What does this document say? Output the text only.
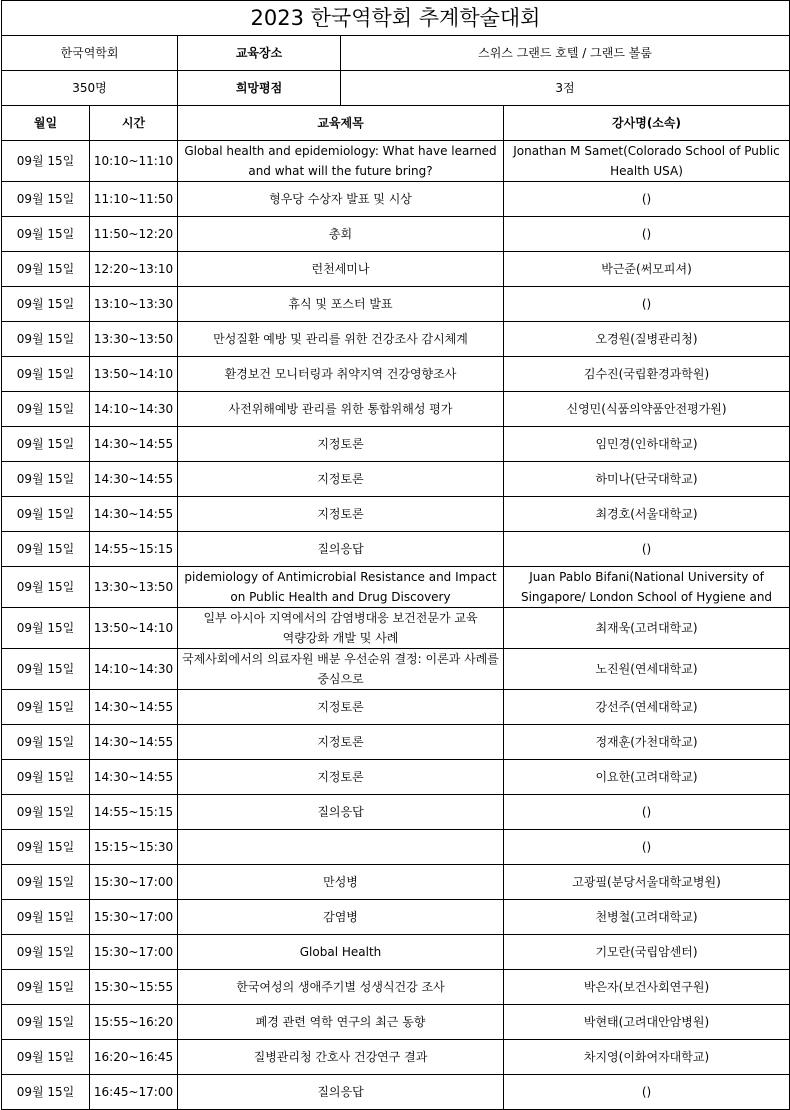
2023 한국역학회 추계학술대회				
한국역학회		교육장소	스위스 그랜드 호텔 / 그랜드 볼룸	
350명		희망평점	3점	
월일	시간	교육제목		강사명(소속)
09월 15일	10:10~11:10	Global health and epidemiology: What have learned and what will the future bring?		Jonathan M Samet(Colorado School of Public Health USA)
09월 15일	11:10~11:50	형우당 수상자 발표 및 시상		()
09월 15일	11:50~12:20	총회		()
09월 15일	12:20~13:10	런천세미나		박근준(써모피셔)
09월 15일	13:10~13:30	휴식 및 포스터 발표		()
09월 15일	13:30~13:50	만성질환 예방 및 관리를 위한 건강조사 감시체계		오경원(질병관리청)
09월 15일	13:50~14:10	환경보건 모니터링과 취약지역 건강영향조사		김수진(국립환경과학원)
09월 15일	14:10~14:30	사전위해예방 관리를 위한 통합위해성 평가		신영민(식품의약품안전평가원)
09월 15일	14:30~14:55	지정토론		임민경(인하대학교)
09월 15일	14:30~14:55	지정토론		하미나(단국대학교)
09월 15일	14:30~14:55	지정토론		최경호(서울대학교)
09월 15일	14:55~15:15	질의응답		()
09월 15일	13:30~13:50	pidemiology of Antimicrobial Resistance and Impact on Public Health and Drug Discovery		Juan Pablo Bifani(National University of Singapore/ London School of Hygiene and
09월 15일	13:50~14:10	일부 아시아 지역에서의 감염병대응 보건전문가 교육 역량강화 개발 및 사례		최재욱(고려대학교)
09월 15일	14:10~14:30	국제사회에서의 의료자원 배분 우선순위 결정: 이론과 사례를 중심으로		노진원(연세대학교)
09월 15일	14:30~14:55	지정토론		강선주(연세대학교)
09월 15일	14:30~14:55	지정토론		정재훈(가천대학교)
09월 15일	14:30~14:55	지정토론		이요한(고려대학교)
09월 15일	14:55~15:15	질의응답		()
09월 15일	15:15~15:30			()
09월 15일	15:30~17:00	만성병		고광필(분당서울대학교병원)
09월 15일	15:30~17:00	감염병		천병철(고려대학교)
09월 15일	15:30~17:00	Global Health		기모란(국립암센터)
09월 15일	15:30~15:55	한국여성의 생애주기별 성생식건강 조사		박은자(보건사회연구원)
09월 15일	15:55~16:20	폐경 관련 역학 연구의 최근 동향		박현태(고려대안암병원)
09월 15일	16:20~16:45	질병관리청 간호사 건강연구 결과		차지영(이화여자대학교)
09월 15일	16:45~17:00	질의응답		()
